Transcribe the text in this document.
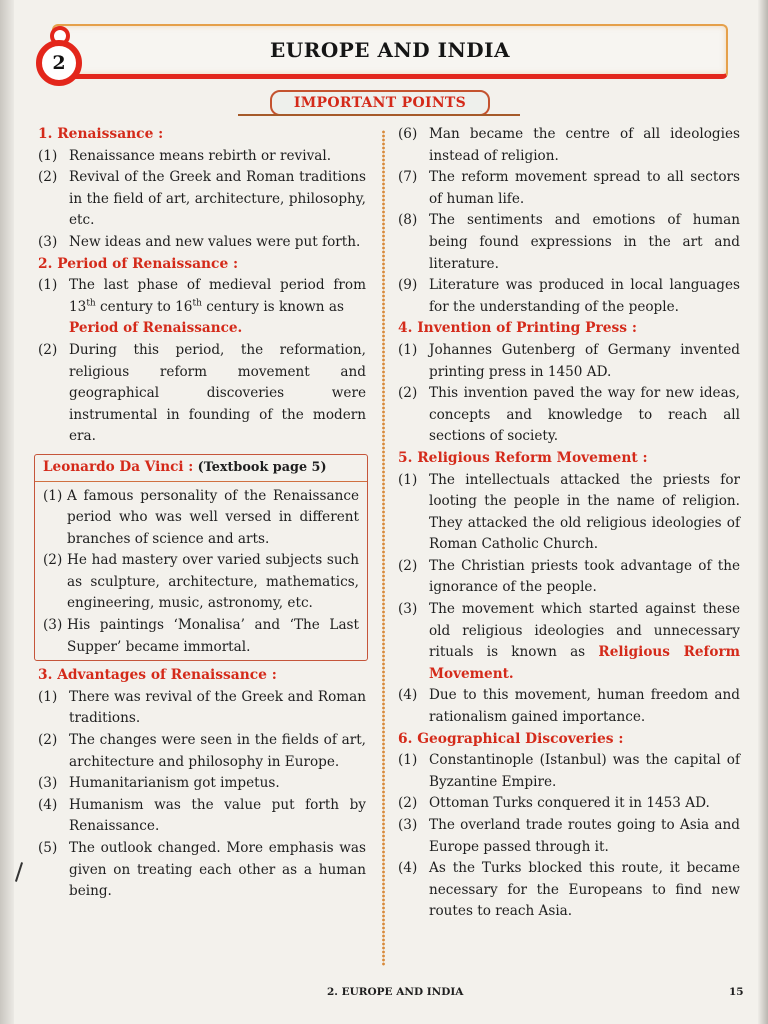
EUROPE AND INDIA
2
IMPORTANT POINTS
1. Renaissance :
(1) Renaissance means rebirth or revival.
(2) Revival of the Greek and Roman traditions in the field of art, architecture, philosophy, etc.
(3) New ideas and new values were put forth.
2. Period of Renaissance :
(1) The last phase of medieval period from 13th century to 16th century is known as
Period of Renaissance.
(2) During this period, the reformation, religious reform movement and geographical discoveries were instrumental in founding of the modern era.
Leonardo Da Vinci : (Textbook page 5)
(1) A famous personality of the Renaissance period who was well versed in different branches of science and arts.
(2) He had mastery over varied subjects such as sculpture, architecture, mathematics, engineering, music, astronomy, etc.
(3) His paintings ‘Monalisa’ and ‘The Last Supper’ became immortal.
3. Advantages of Renaissance :
(1) There was revival of the Greek and Roman traditions.
(2) The changes were seen in the fields of art, architecture and philosophy in Europe.
(3) Humanitarianism got impetus.
(4) Humanism was the value put forth by Renaissance.
(5) The outlook changed. More emphasis was given on treating each other as a human being.
(6) Man became the centre of all ideologies instead of religion.
(7) The reform movement spread to all sectors of human life.
(8) The sentiments and emotions of human being found expressions in the art and literature.
(9) Literature was produced in local languages for the understanding of the people.
4. Invention of Printing Press :
(1) Johannes Gutenberg of Germany invented printing press in 1450 AD.
(2) This invention paved the way for new ideas, concepts and knowledge to reach all sections of society.
5. Religious Reform Movement :
(1) The intellectuals attacked the priests for looting the people in the name of religion. They attacked the old religious ideologies of Roman Catholic Church.
(2) The Christian priests took advantage of the ignorance of the people.
(3) The movement which started against these old religious ideologies and unnecessary rituals is known as Religious Reform Movement.
(4) Due to this movement, human freedom and rationalism gained importance.
6. Geographical Discoveries :
(1) Constantinople (Istanbul) was the capital of Byzantine Empire.
(2) Ottoman Turks conquered it in 1453 AD.
(3) The overland trade routes going to Asia and Europe passed through it.
(4) As the Turks blocked this route, it became necessary for the Europeans to find new routes to reach Asia.
2. EUROPE AND INDIA	15
